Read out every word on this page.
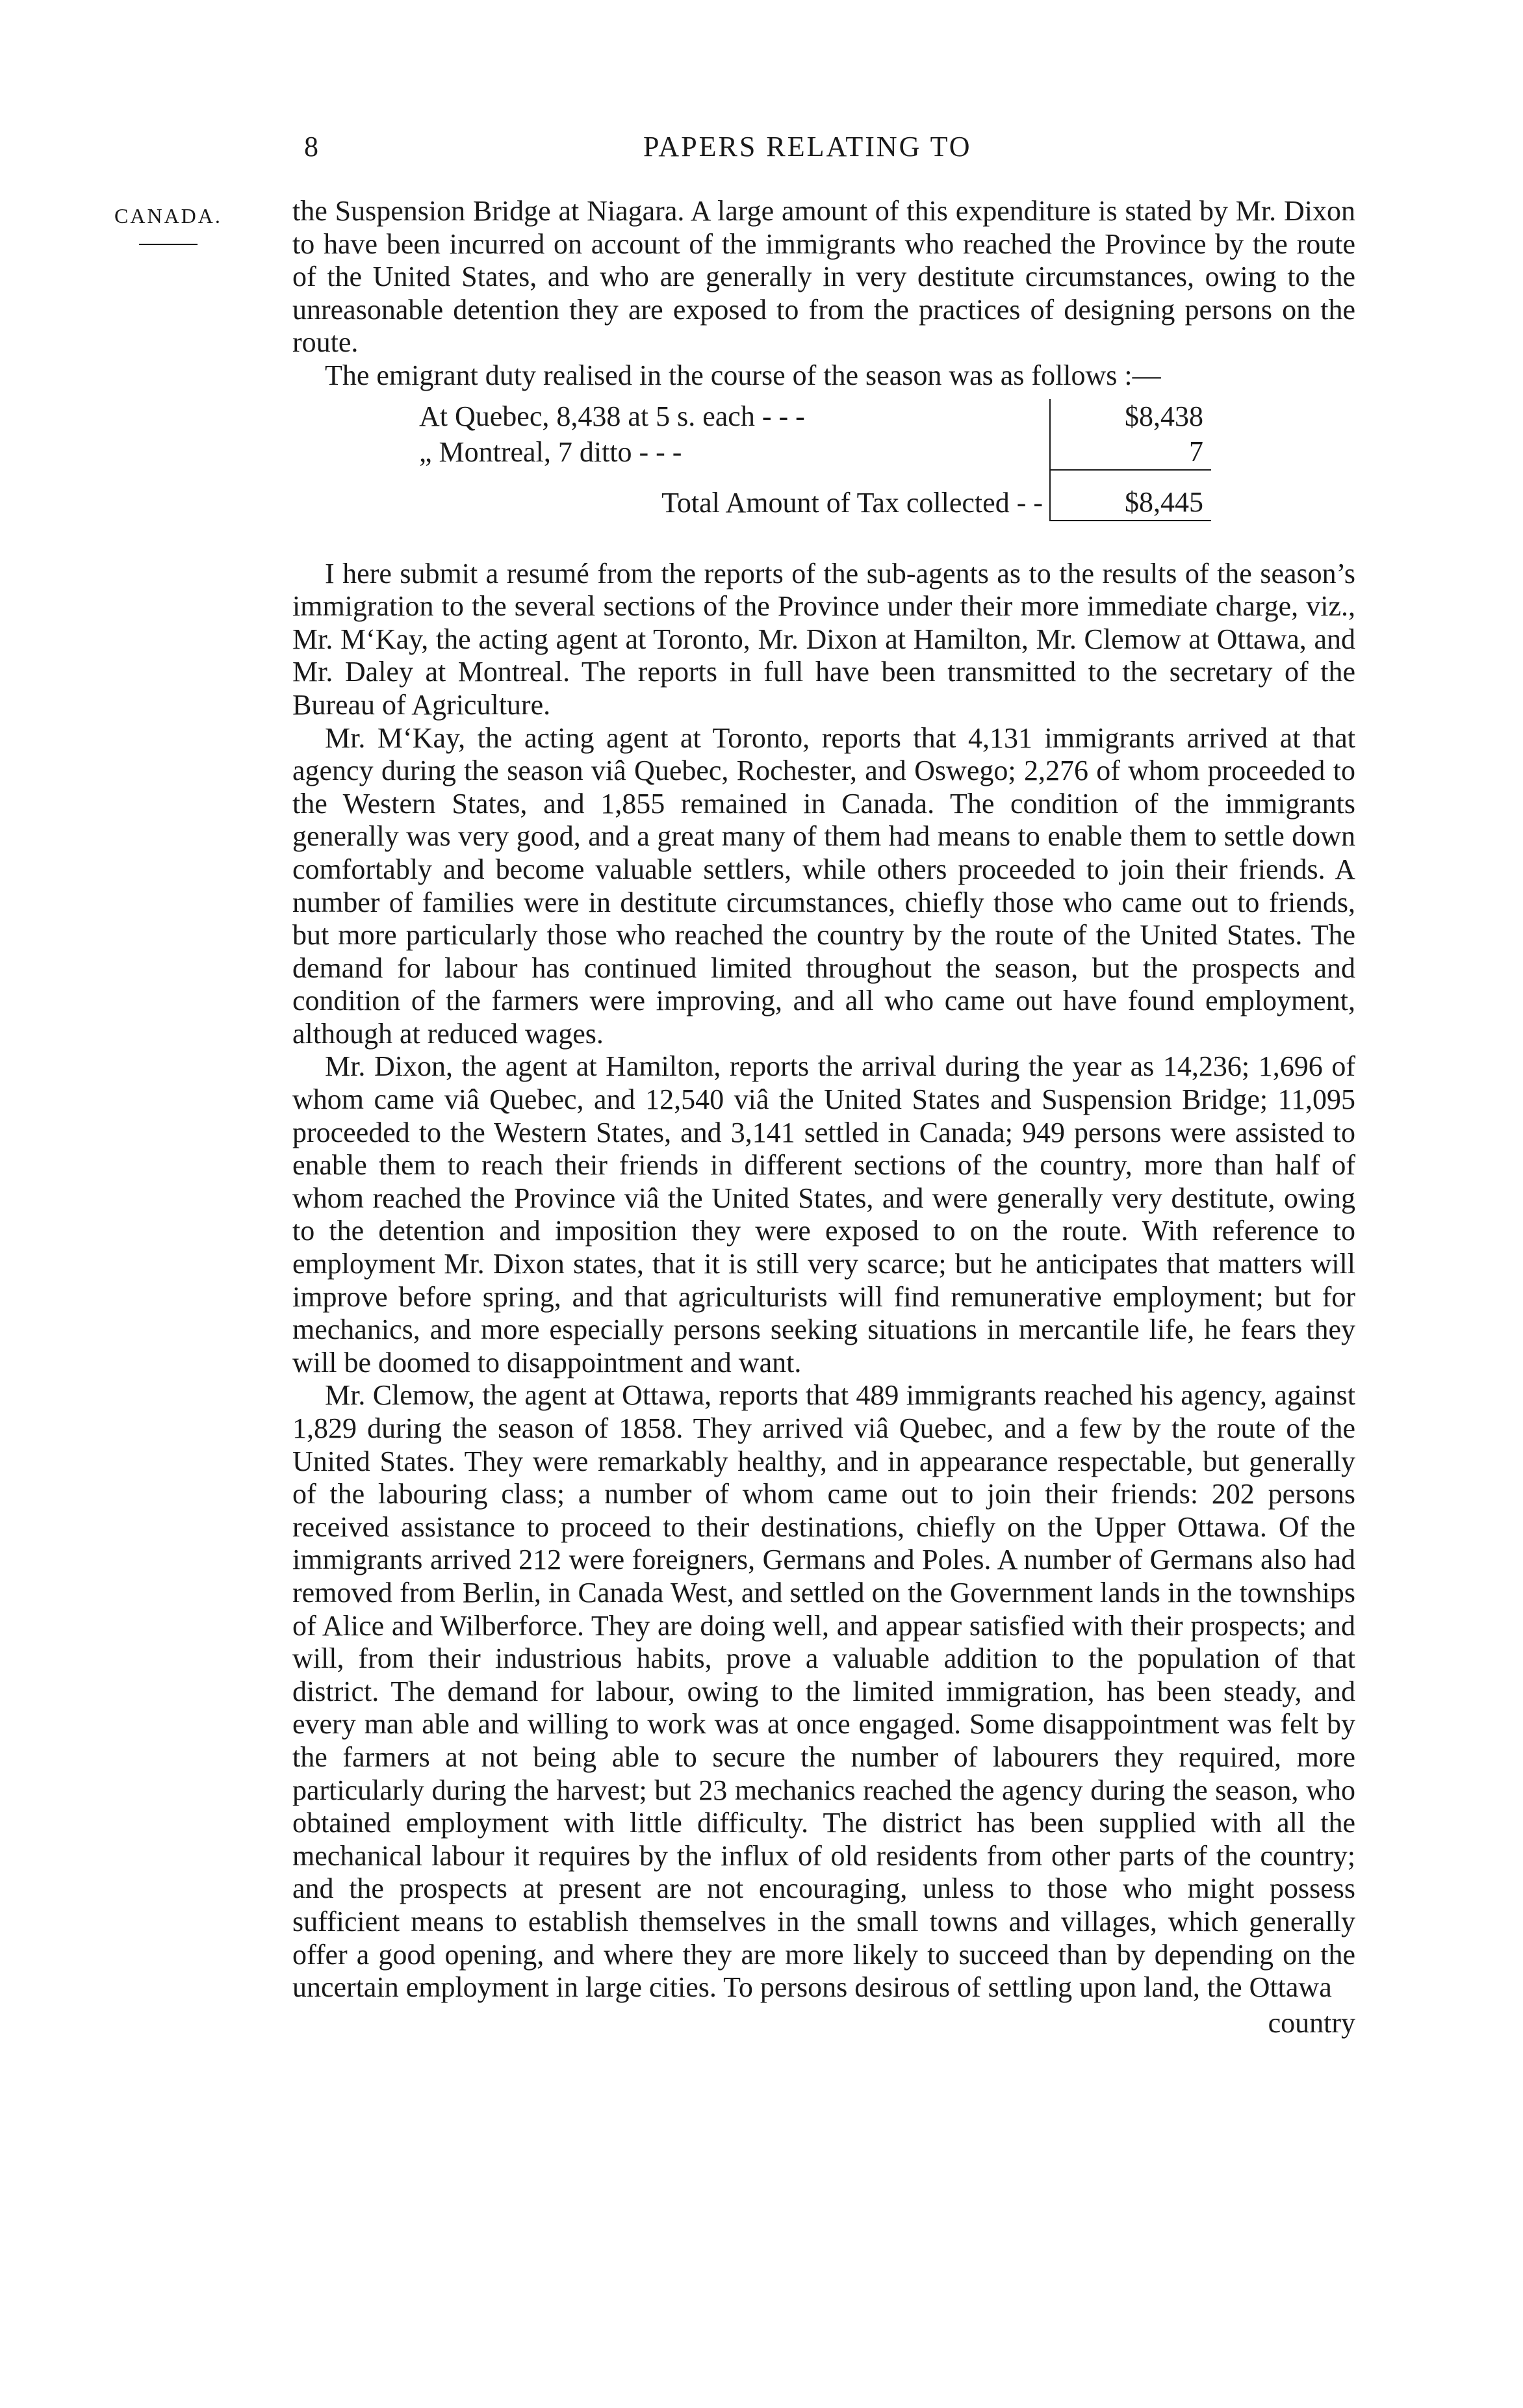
8	PAPERS RELATING TO
CANADA. the Suspension Bridge at Niagara. A large amount of this expenditure is stated by Mr. Dixon to have been incurred on account of the immigrants who reached the Province by the route of the United States, and who are generally in very destitute circumstances, owing to the unreasonable detention they are exposed to from the practices of designing persons on the route.

The emigrant duty realised in the course of the season was as follows :—

At Quebec, 8,438 at 5 s. each - - -	$8,438
„ Montreal, 7 ditto - - -	7

Total Amount of Tax collected - -	$8,445

I here submit a resumé from the reports of the sub-agents as to the results of the season’s immigration to the several sections of the Province under their more immediate charge, viz., Mr. M‘Kay, the acting agent at Toronto, Mr. Dixon at Hamilton, Mr. Clemow at Ottawa, and Mr. Daley at Montreal. The reports in full have been transmitted to the secretary of the Bureau of Agriculture.

Mr. M‘Kay, the acting agent at Toronto, reports that 4,131 immigrants arrived at that agency during the season viâ Quebec, Rochester, and Oswego; 2,276 of whom proceeded to the Western States, and 1,855 remained in Canada. The condition of the immigrants generally was very good, and a great many of them had means to enable them to settle down comfortably and become valuable settlers, while others proceeded to join their friends. A number of families were in destitute circumstances, chiefly those who came out to friends, but more particularly those who reached the country by the route of the United States. The demand for labour has continued limited throughout the season, but the prospects and condition of the farmers were improving, and all who came out have found employment, although at reduced wages.

Mr. Dixon, the agent at Hamilton, reports the arrival during the year as 14,236; 1,696 of whom came viâ Quebec, and 12,540 viâ the United States and Suspension Bridge; 11,095 proceeded to the Western States, and 3,141 settled in Canada; 949 persons were assisted to enable them to reach their friends in different sections of the country, more than half of whom reached the Province viâ the United States, and were generally very destitute, owing to the detention and imposition they were exposed to on the route. With reference to employment Mr. Dixon states, that it is still very scarce; but he anticipates that matters will improve before spring, and that agriculturists will find remunerative employment; but for mechanics, and more especially persons seeking situations in mercantile life, he fears they will be doomed to disappointment and want.

Mr. Clemow, the agent at Ottawa, reports that 489 immigrants reached his agency, against 1,829 during the season of 1858. They arrived viâ Quebec, and a few by the route of the United States. They were remarkably healthy, and in appearance respectable, but generally of the labouring class; a number of whom came out to join their friends: 202 persons received assistance to proceed to their destinations, chiefly on the Upper Ottawa. Of the immigrants arrived 212 were foreigners, Germans and Poles. A number of Germans also had removed from Berlin, in Canada West, and settled on the Government lands in the townships of Alice and Wilberforce. They are doing well, and appear satisfied with their prospects; and will, from their industrious habits, prove a valuable addition to the population of that district. The demand for labour, owing to the limited immigration, has been steady, and every man able and willing to work was at once engaged. Some disappointment was felt by the farmers at not being able to secure the number of labourers they required, more particularly during the harvest; but 23 mechanics reached the agency during the season, who obtained employment with little difficulty. The district has been supplied with all the mechanical labour it requires by the influx of old residents from other parts of the country; and the prospects at present are not encouraging, unless to those who might possess sufficient means to establish themselves in the small towns and villages, which generally offer a good opening, and where they are more likely to succeed than by depending on the uncertain employment in large cities. To persons desirous of settling upon land, the Ottawa

country
